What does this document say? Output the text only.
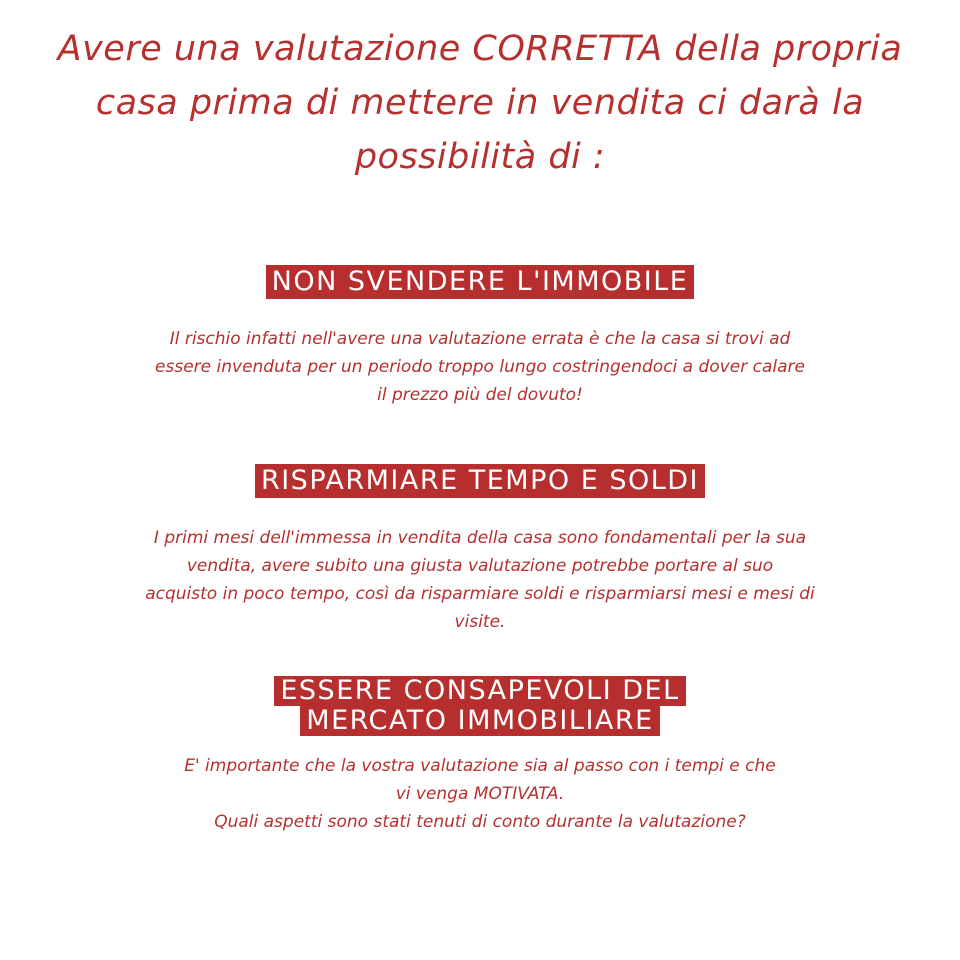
Avere una valutazione CORRETTA della propria
casa prima di mettere in vendita ci darà la
possibilità di :
NON SVENDERE L'IMMOBILE
Il rischio infatti nell'avere una valutazione errata è che la casa si trovi ad
essere invenduta per un periodo troppo lungo costringendoci a dover calare
il prezzo più del dovuto!
RISPARMIARE TEMPO E SOLDI
I primi mesi dell'immessa in vendita della casa sono fondamentali per la sua
vendita, avere subito una giusta valutazione potrebbe portare al suo
acquisto in poco tempo, così da risparmiare soldi e risparmiarsi mesi e mesi di
visite.
ESSERE CONSAPEVOLI DEL
MERCATO IMMOBILIARE
E' importante che la vostra valutazione sia al passo con i tempi e che
vi venga MOTIVATA.
Quali aspetti sono stati tenuti di conto durante la valutazione?
